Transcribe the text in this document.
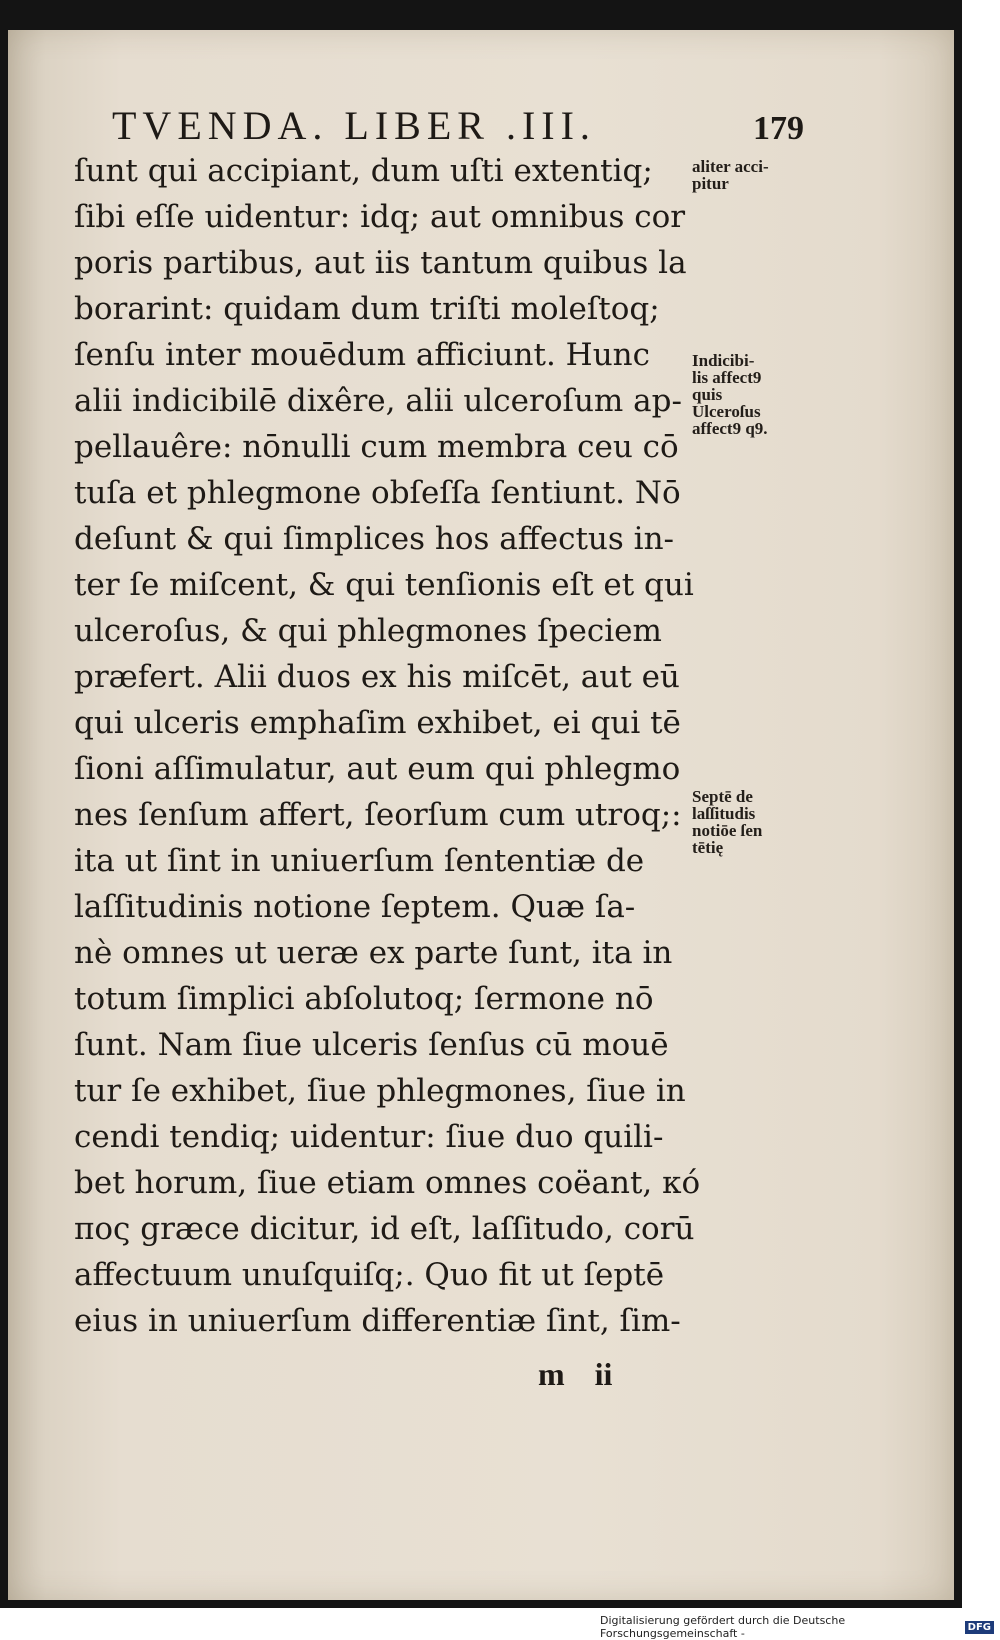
TVENDA. LIBER .III.	179
ſunt qui accipiant, dum uſti extentiq;
ſibi eſſe uidentur: idq; aut omnibus cor
poris partibus, aut iis tantum quibus la
borarint: quidam dum triſti moleſtoq;
ſenſu inter mouēdum afficiunt. Hunc
alii indicibilē dixêre, alii ulceroſum ap-
pellauêre: nōnulli cum membra ceu cō
tuſa et phlegmone obſeſſa ſentiunt. Nō
deſunt & qui ſimplices hos affectus in-
ter ſe miſcent, & qui tenſionis eſt et qui
ulceroſus, & qui phlegmones ſpeciem
præfert. Alii duos ex his miſcēt, aut eū
qui ulceris emphaſim exhibet, ei qui tē
ſioni aſſimulatur, aut eum qui phlegmo
nes ſenſum affert, ſeorſum cum utroq;:
ita ut ſint in uniuerſum ſententiæ de
laſſitudinis notione ſeptem. Quæ ſa-
nè omnes ut ueræ ex parte ſunt, ita in
totum ſimplici abſolutoq; ſermone nō
ſunt. Nam ſiue ulceris ſenſus cū mouē
tur ſe exhibet, ſiue phlegmones, ſiue in
cendi tendiq; uidentur: ſiue duo quili-
bet horum, ſiue etiam omnes coëant, κό
πος græce dicitur, id eſt, laſſitudo, corū
affectuum unuſquiſq;. Quo fit ut ſeptē
eius in uniuerſum differentiæ ſint, ſim-
aliter acci-
pitur
Indicibi-
lis affect9
quis
Ulceroſus
affect9 q9.
Septē de
laſſitudis
notiōe ſen
tētię
m ii
Digitalisierung gefördert durch die Deutsche Forschungsgemeinschaft -	DFG
